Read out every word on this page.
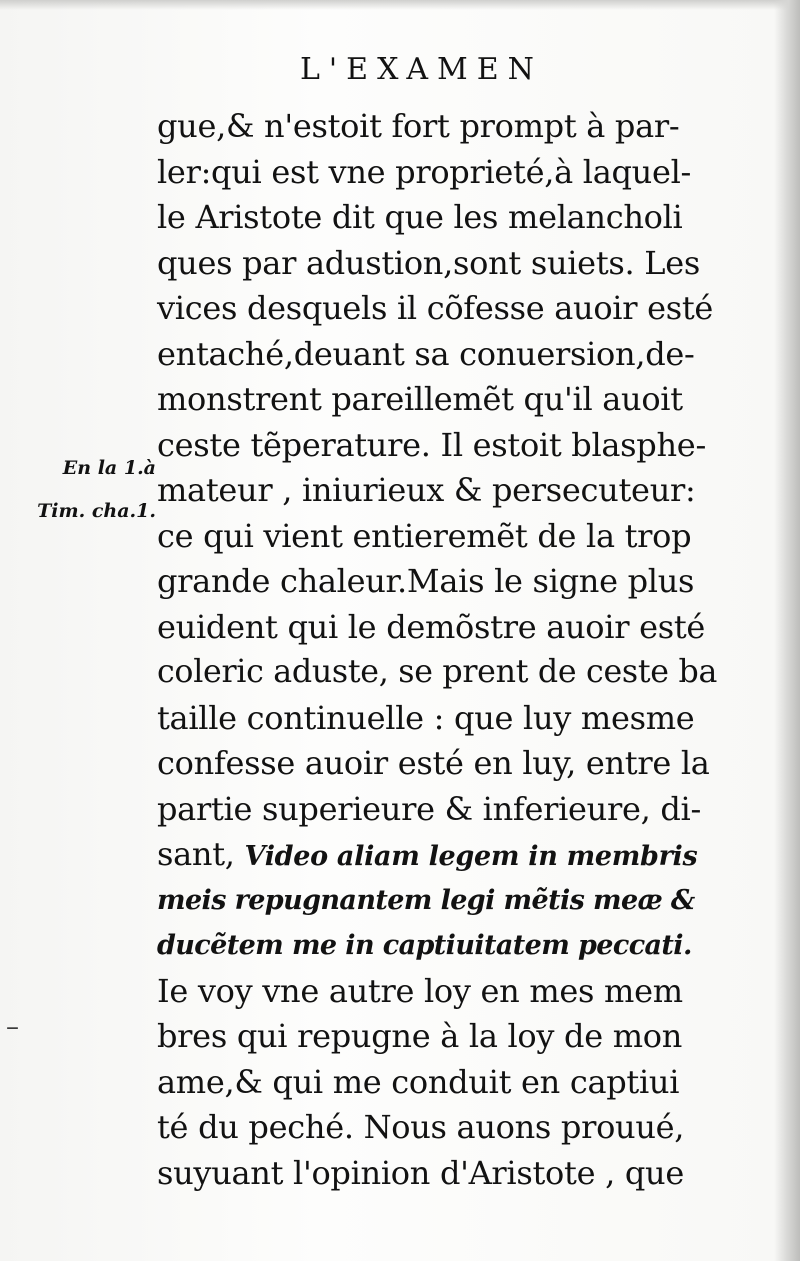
L'EXAMEN
En la 1.à
Tim. cha.1.
–
gue,& n'estoit fort prompt à par-
ler:qui est vne proprieté,à laquel-
le Aristote dit que les melancholi
ques par adustion,sont suiets. Les
vices desquels il cõfesse auoir esté
entaché,deuant sa conuersion,de-
monstrent pareillemẽt qu'il auoit
ceste tẽperature. Il estoit blasphe-
mateur , iniurieux & persecuteur:
ce qui vient entieremẽt de la trop
grande chaleur.Mais le signe plus
euident qui le demõstre auoir esté
coleric aduste, se prent de ceste ba
taille continuelle : que luy mesme
confesse auoir esté en luy, entre la
partie superieure & inferieure, di-
sant, Video aliam legem in membris
meis repugnantem legi mẽtis meæ &
ducẽtem me in captiuitatem peccati.
Ie voy vne autre loy en mes mem
bres qui repugne à la loy de mon
ame,& qui me conduit en captiui
té du peché. Nous auons prouué,
suyuant l'opinion d'Aristote , que
